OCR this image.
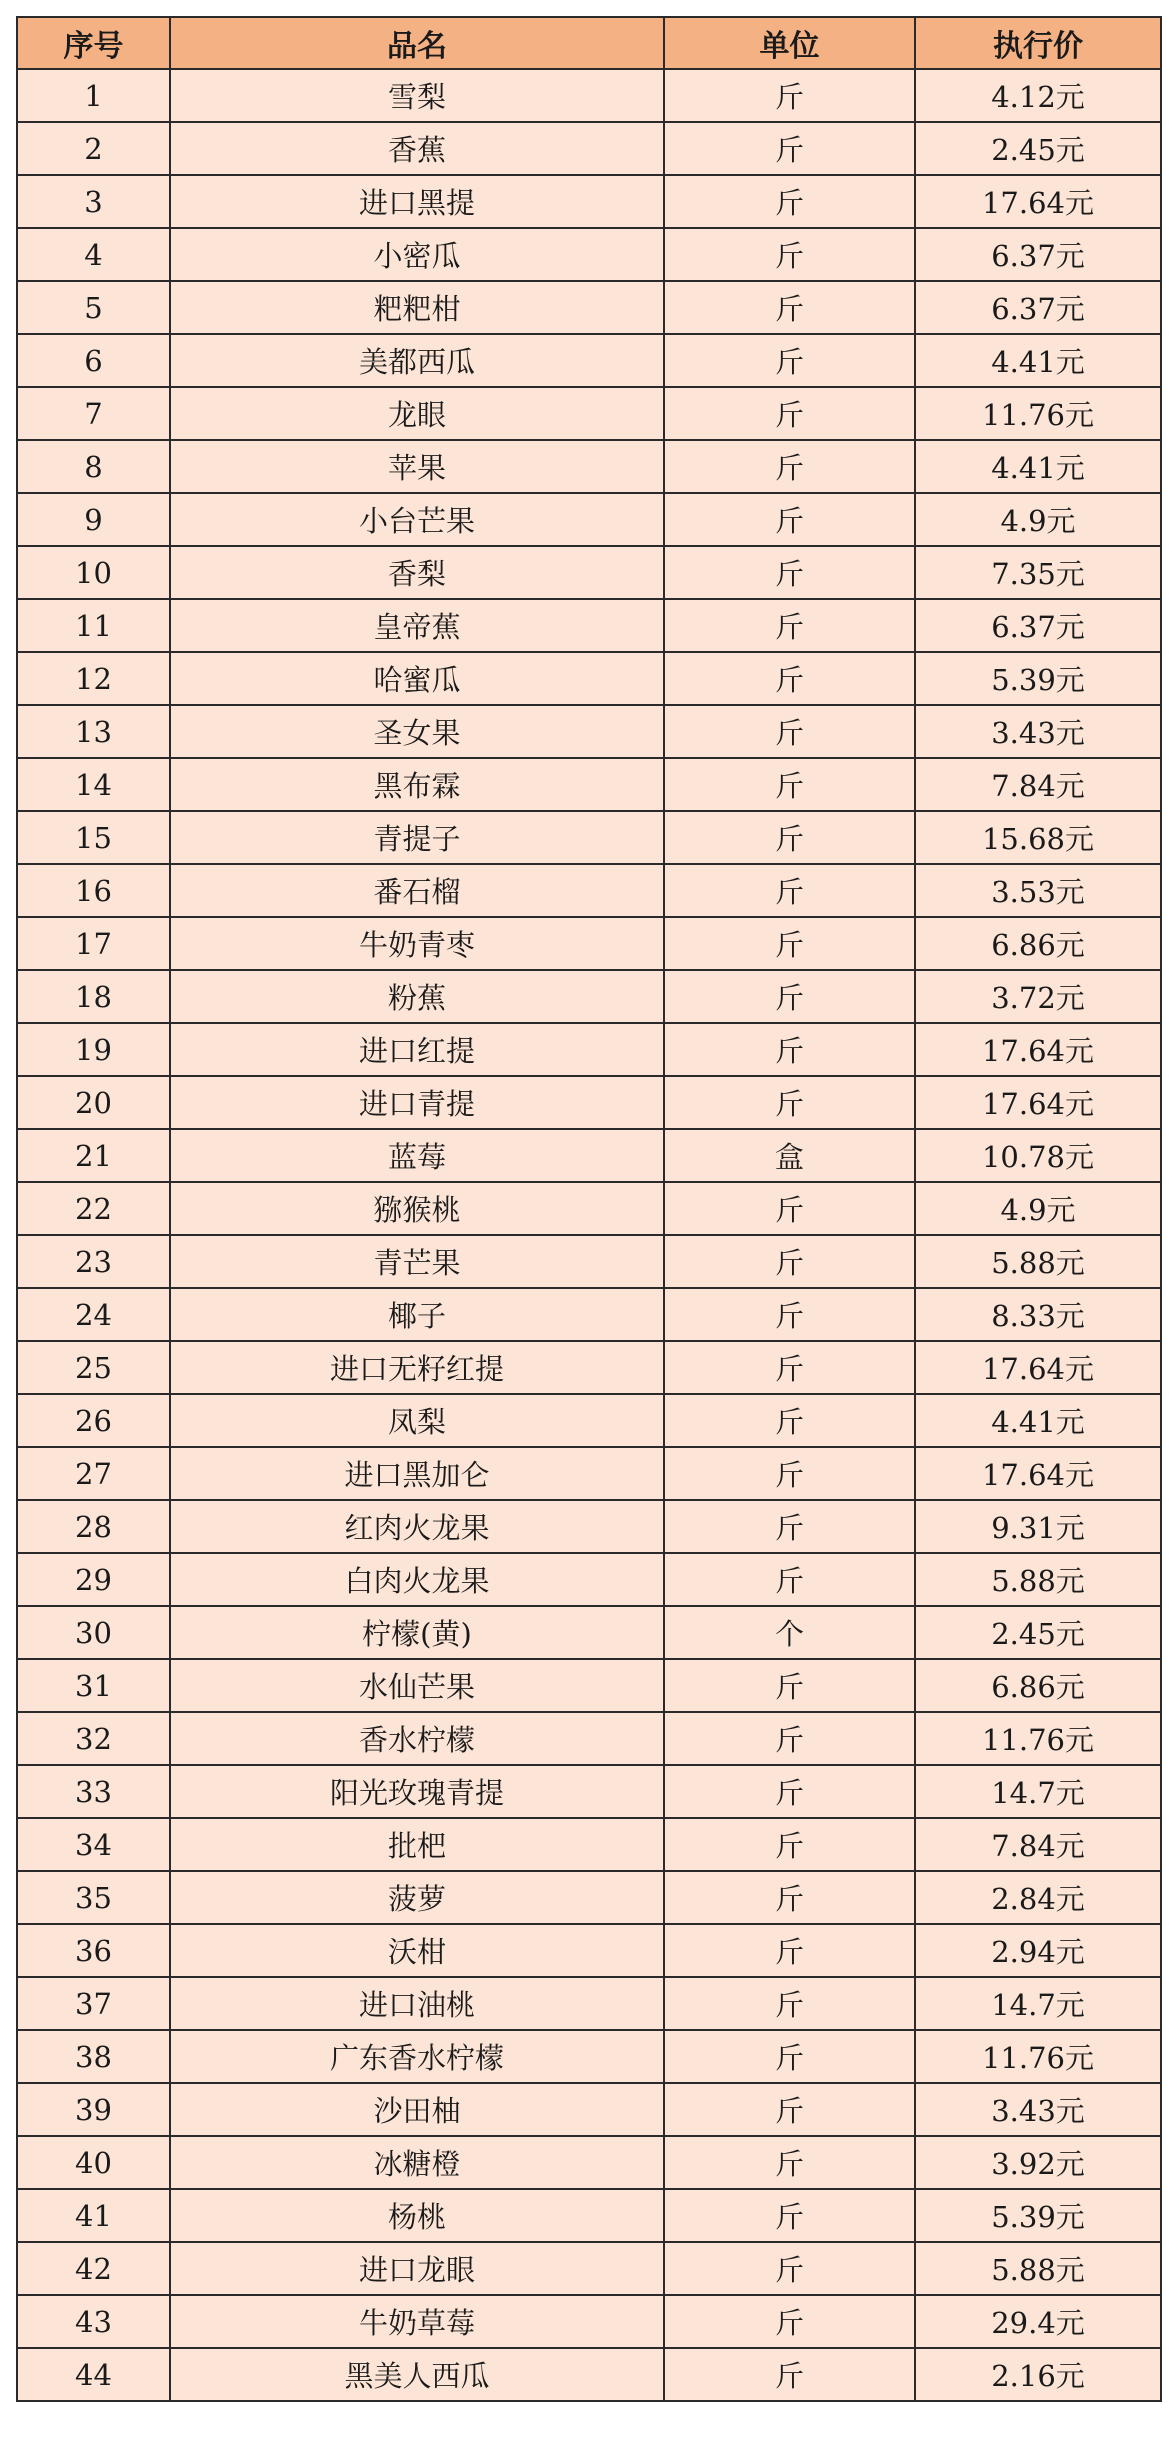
序号	品名	单位	执行价
1	雪梨	斤	4.12元
2	香蕉	斤	2.45元
3	进口黑提	斤	17.64元
4	小密瓜	斤	6.37元
5	粑粑柑	斤	6.37元
6	美都西瓜	斤	4.41元
7	龙眼	斤	11.76元
8	苹果	斤	4.41元
9	小台芒果	斤	4.9元
10	香梨	斤	7.35元
11	皇帝蕉	斤	6.37元
12	哈蜜瓜	斤	5.39元
13	圣女果	斤	3.43元
14	黑布霖	斤	7.84元
15	青提子	斤	15.68元
16	番石榴	斤	3.53元
17	牛奶青枣	斤	6.86元
18	粉蕉	斤	3.72元
19	进口红提	斤	17.64元
20	进口青提	斤	17.64元
21	蓝莓	盒	10.78元
22	猕猴桃	斤	4.9元
23	青芒果	斤	5.88元
24	椰子	斤	8.33元
25	进口无籽红提	斤	17.64元
26	凤梨	斤	4.41元
27	进口黑加仑	斤	17.64元
28	红肉火龙果	斤	9.31元
29	白肉火龙果	斤	5.88元
30	柠檬(黄)	个	2.45元
31	水仙芒果	斤	6.86元
32	香水柠檬	斤	11.76元
33	阳光玫瑰青提	斤	14.7元
34	批杷	斤	7.84元
35	菠萝	斤	2.84元
36	沃柑	斤	2.94元
37	进口油桃	斤	14.7元
38	广东香水柠檬	斤	11.76元
39	沙田柚	斤	3.43元
40	冰糖橙	斤	3.92元
41	杨桃	斤	5.39元
42	进口龙眼	斤	5.88元
43	牛奶草莓	斤	29.4元
44	黑美人西瓜	斤	2.16元
